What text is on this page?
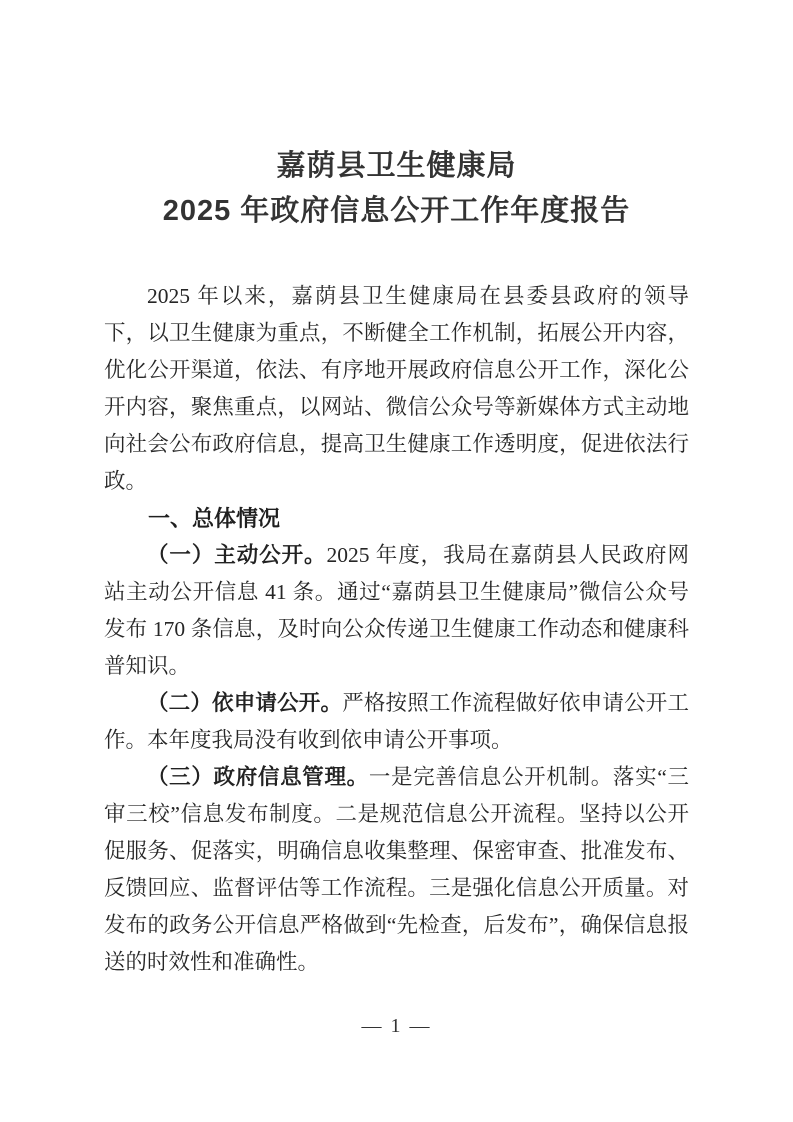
嘉荫县卫生健康局
2025 年政府信息公开工作年度报告

2025 年以来，嘉荫县卫生健康局在县委县政府的领导下，以卫生健康为重点，不断健全工作机制，拓展公开内容，优化公开渠道，依法、有序地开展政府信息公开工作，深化公开内容，聚焦重点，以网站、微信公众号等新媒体方式主动地向社会公布政府信息，提高卫生健康工作透明度，促进依法行政。

一、总体情况

（一）主动公开。2025 年度，我局在嘉荫县人民政府网站主动公开信息 41 条。通过“嘉荫县卫生健康局”微信公众号发布 170 条信息，及时向公众传递卫生健康工作动态和健康科普知识。

（二）依申请公开。严格按照工作流程做好依申请公开工作。本年度我局没有收到依申请公开事项。

（三）政府信息管理。一是完善信息公开机制。落实“三审三校”信息发布制度。二是规范信息公开流程。坚持以公开促服务、促落实，明确信息收集整理、保密审查、批准发布、反馈回应、监督评估等工作流程。三是强化信息公开质量。对发布的政务公开信息严格做到“先检查，后发布”，确保信息报送的时效性和准确性。

— 1 —
